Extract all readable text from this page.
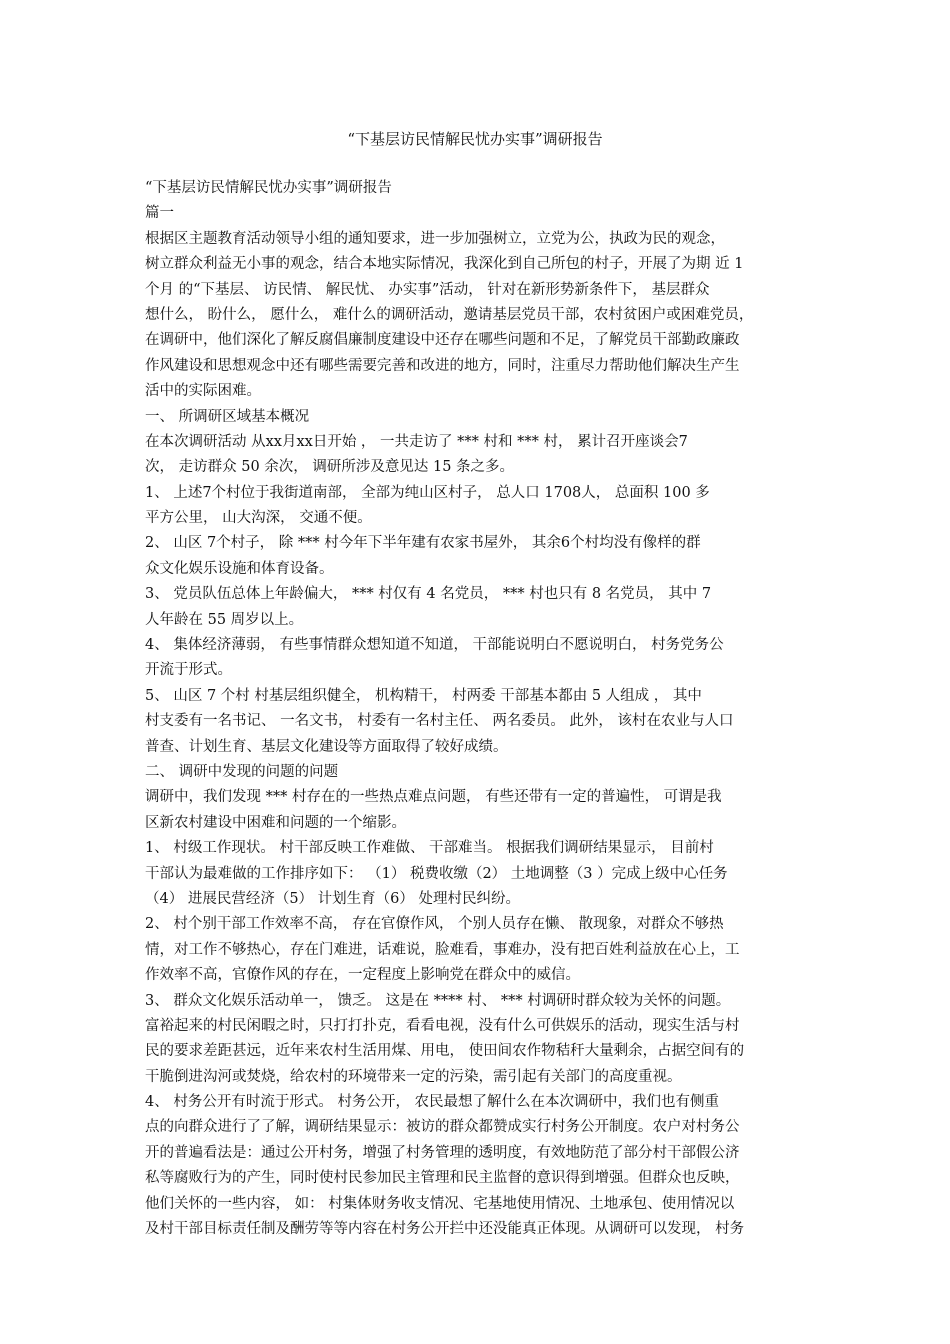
“下基层访民情解民忧办实事”调研报告
“下基层访民情解民忧办实事”调研报告
篇一
根据区主题教育活动领导小组的通知要求，进一步加强树立，立党为公，执政为民的观念，
树立群众利益无小事的观念，结合本地实际情况，我深化到自己所包的村子，开展了为期 近 1
个月 的“下基层、 访民情、 解民忧、 办实事”活动， 针对在新形势新条件下， 基层群众
想什么， 盼什么， 愿什么， 难什么的调研活动，邀请基层党员干部，农村贫困户或困难党员，
在调研中，他们深化了解反腐倡廉制度建设中还存在哪些问题和不足，了解党员干部勤政廉政
作风建设和思想观念中还有哪些需要完善和改进的地方，同时，注重尽力帮助他们解决生产生
活中的实际困难。
一、 所调研区域基本概况
在本次调研活动 从xx月xx日开始 ， 一共走访了 *** 村和 *** 村， 累计召开座谈会7
次， 走访群众 50 余次， 调研所涉及意见达 15 条之多。
1、 上述7个村位于我街道南部， 全部为纯山区村子， 总人口 1708人， 总面积 100 多
平方公里， 山大沟深， 交通不便。
2、 山区 7个村子， 除 *** 村今年下半年建有农家书屋外， 其余6个村均没有像样的群
众文化娱乐设施和体育设备。
3、 党员队伍总体上年龄偏大， *** 村仅有 4 名党员， *** 村也只有 8 名党员， 其中 7
人年龄在 55 周岁以上。
4、 集体经济薄弱， 有些事情群众想知道不知道， 干部能说明白不愿说明白， 村务党务公
开流于形式。
5、 山区 7 个村 村基层组织健全， 机构精干， 村两委 干部基本都由 5 人组成 ， 其中
村支委有一名书记、 一名文书， 村委有一名村主任、 两名委员。 此外， 该村在农业与人口
普查、计划生育、基层文化建设等方面取得了较好成绩。
二、 调研中发现的问题的问题
调研中，我们发现 *** 村存在的一些热点难点问题， 有些还带有一定的普遍性， 可谓是我
区新农村建设中困难和问题的一个缩影。
1、 村级工作现状。 村干部反映工作难做、 干部难当。 根据我们调研结果显示， 目前村
干部认为最难做的工作排序如下： （1） 税费收缴（2） 土地调整（3 ）完成上级中心任务
（4） 进展民营经济（5） 计划生育（6） 处理村民纠纷。
2、 村个别干部工作效率不高， 存在官僚作风， 个别人员存在懒、 散现象，对群众不够热
情，对工作不够热心，存在门难进，话难说，脸难看，事难办，没有把百姓利益放在心上，工
作效率不高，官僚作风的存在，一定程度上影响党在群众中的威信。
3、 群众文化娱乐活动单一， 馈乏。 这是在 **** 村、 *** 村调研时群众较为关怀的问题。
富裕起来的村民闲暇之时，只打打扑克，看看电视，没有什么可供娱乐的活动，现实生活与村
民的要求差距甚远，近年来农村生活用煤、用电， 使田间农作物秸秆大量剩余，占据空间有的
干脆倒进沟河或焚烧，给农村的环境带来一定的污染，需引起有关部门的高度重视。
4、 村务公开有时流于形式。 村务公开， 农民最想了解什么在本次调研中，我们也有侧重
点的向群众进行了了解，调研结果显示：被访的群众都赞成实行村务公开制度。农户对村务公
开的普遍看法是：通过公开村务，增强了村务管理的透明度，有效地防范了部分村干部假公济
私等腐败行为的产生，同时使村民参加民主管理和民主监督的意识得到增强。但群众也反映，
他们关怀的一些内容， 如： 村集体财务收支情况、宅基地使用情况、土地承包、使用情况以
及村干部目标责任制及酬劳等等内容在村务公开拦中还没能真正体现。从调研可以发现， 村务
